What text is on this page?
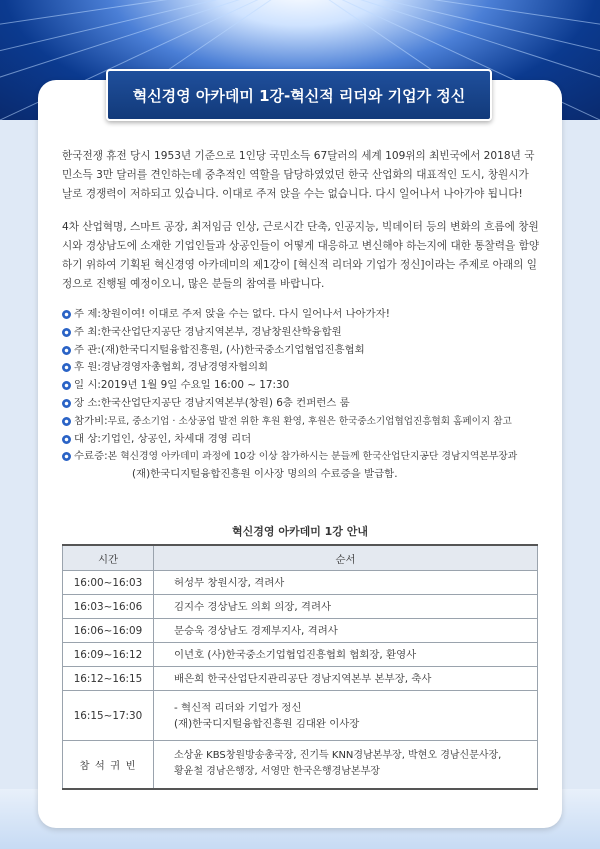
혁신경영 아카데미 1강-혁신적 리더와 기업가 정신

한국전쟁 휴전 당시 1953년 기준으로 1인당 국민소득 67달러의 세계 109위의 최빈국에서 2018년 국민소득 3만 달러를 견인하는데 중추적인 역할을 담당하였었던 한국 산업화의 대표적인 도시, 창원시가 날로 경쟁력이 저하되고 있습니다. 이대로 주저 앉을 수는 없습니다. 다시 일어나서 나아가야 됩니다!

4차 산업혁명, 스마트 공장, 최저임금 인상, 근로시간 단축, 인공지능, 빅데이터 등의 변화의 흐름에 창원시와 경상남도에 소재한 기업인들과 상공인들이 어떻게 대응하고 변신해야 하는지에 대한 통찰력을 함양하기 위하여 기획된 혁신경영 아카데미의 제1강이 [혁신적 리더와 기업가 정신]이라는 주제로 아래의 일정으로 진행될 예정이오니, 많은 분들의 참여를 바랍니다.

주 제: 창원이여! 이대로 주저 앉을 수는 없다. 다시 일어나서 나아가자!
주 최: 한국산업단지공단 경남지역본부, 경남창원산학융합원
주 관: (재)한국디지털융합진흥원, (사)한국중소기업협업진흥협회
후 원: 경남경영자총협회, 경남경영자협의회
일 시: 2019년 1월 9일 수요일 16:00 ~ 17:30
장 소: 한국산업단지공단 경남지역본부(창원) 6층 컨퍼런스 룸
참가비: 무료, 중소기업 · 소상공업 발전 위한 후원 환영, 후원은 한국중소기업협업진흥협회 홈페이지 참고
대 상: 기업인, 상공인, 차세대 경영 리더
수료증: 본 혁신경영 아카데미 과정에 10강 이상 참가하시는 분들께 한국산업단지공단 경남지역본부장과
(재)한국디지털융합진흥원 이사장 명의의 수료증을 발급함.
혁신경영 아카데미 1강 안내
시간	순서
16:00~16:03	허성무 창원시장, 격려사
16:03~16:06	김지수 경상남도 의회 의장, 격려사
16:06~16:09	문승욱 경상남도 경제부지사, 격려사
16:09~16:12	이년호 (사)한국중소기업협업진흥협회 협회장, 환영사
16:12~16:15	배은희 한국산업단지관리공단 경남지역본부 본부장, 축사
16:15~17:30	- 혁신적 리더와 기업가 정신
(재)한국디지털융합진흥원 김대완 이사장

참 석 귀 빈	소상윤 KBS창원방송총국장, 진기득 KNN경남본부장, 박현오 경남신문사장,
황윤철 경남은행장, 서영만 한국은행경남본부장
